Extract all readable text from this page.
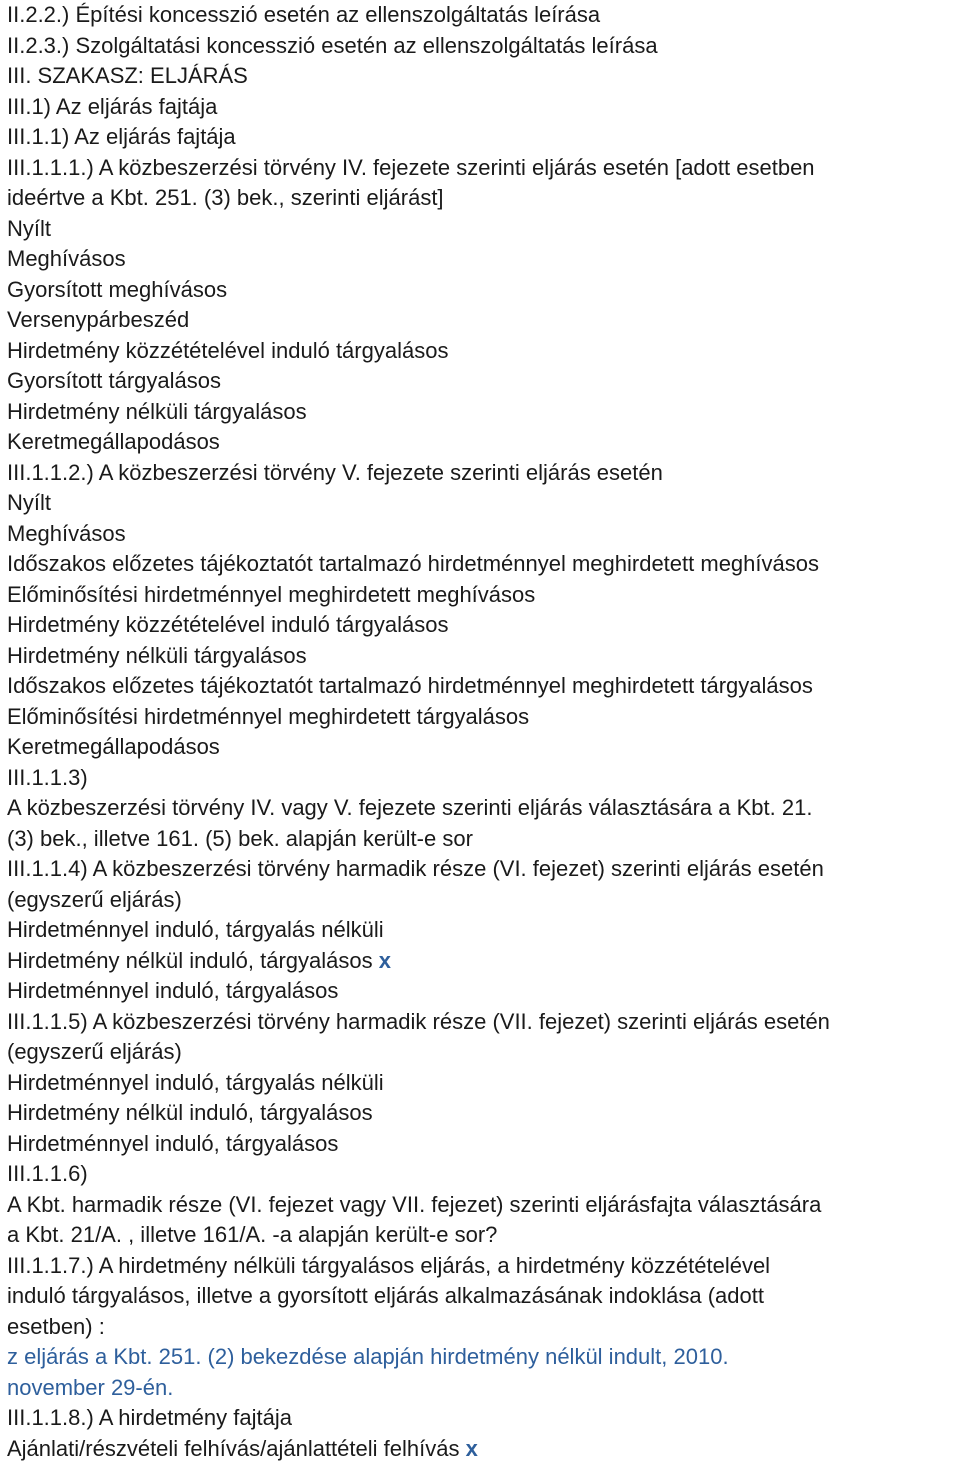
II.2.2.) Építési koncesszió esetén az ellenszolgáltatás leírása
II.2.3.) Szolgáltatási koncesszió esetén az ellenszolgáltatás leírása
III. SZAKASZ: ELJÁRÁS
III.1) Az eljárás fajtája
III.1.1) Az eljárás fajtája
III.1.1.1.) A közbeszerzési törvény IV. fejezete szerinti eljárás esetén [adott esetben
ideértve a Kbt. 251. (3) bek., szerinti eljárást]
Nyílt
Meghívásos
Gyorsított meghívásos
Versenypárbeszéd
Hirdetmény közzétételével induló tárgyalásos
Gyorsított tárgyalásos
Hirdetmény nélküli tárgyalásos
Keretmegállapodásos
III.1.1.2.) A közbeszerzési törvény V. fejezete szerinti eljárás esetén
Nyílt
Meghívásos
Időszakos előzetes tájékoztatót tartalmazó hirdetménnyel meghirdetett meghívásos
Előminősítési hirdetménnyel meghirdetett meghívásos
Hirdetmény közzétételével induló tárgyalásos
Hirdetmény nélküli tárgyalásos
Időszakos előzetes tájékoztatót tartalmazó hirdetménnyel meghirdetett tárgyalásos
Előminősítési hirdetménnyel meghirdetett tárgyalásos
Keretmegállapodásos
III.1.1.3)
A közbeszerzési törvény IV. vagy V. fejezete szerinti eljárás választására a Kbt. 21.
(3) bek., illetve 161. (5) bek. alapján került-e sor
III.1.1.4) A közbeszerzési törvény harmadik része (VI. fejezet) szerinti eljárás esetén
(egyszerű eljárás)
Hirdetménnyel induló, tárgyalás nélküli
Hirdetmény nélkül induló, tárgyalásos x
Hirdetménnyel induló, tárgyalásos
III.1.1.5) A közbeszerzési törvény harmadik része (VII. fejezet) szerinti eljárás esetén
(egyszerű eljárás)
Hirdetménnyel induló, tárgyalás nélküli
Hirdetmény nélkül induló, tárgyalásos
Hirdetménnyel induló, tárgyalásos
III.1.1.6)
A Kbt. harmadik része (VI. fejezet vagy VII. fejezet) szerinti eljárásfajta választására
a Kbt. 21/A. , illetve 161/A. -a alapján került-e sor?
III.1.1.7.) A hirdetmény nélküli tárgyalásos eljárás, a hirdetmény közzétételével
induló tárgyalásos, illetve a gyorsított eljárás alkalmazásának indoklása (adott
esetben) :
z eljárás a Kbt. 251. (2) bekezdése alapján hirdetmény nélkül indult, 2010.
november 29-én.
III.1.1.8.) A hirdetmény fajtája
Ajánlati/részvételi felhívás/ajánlattételi felhívás x
